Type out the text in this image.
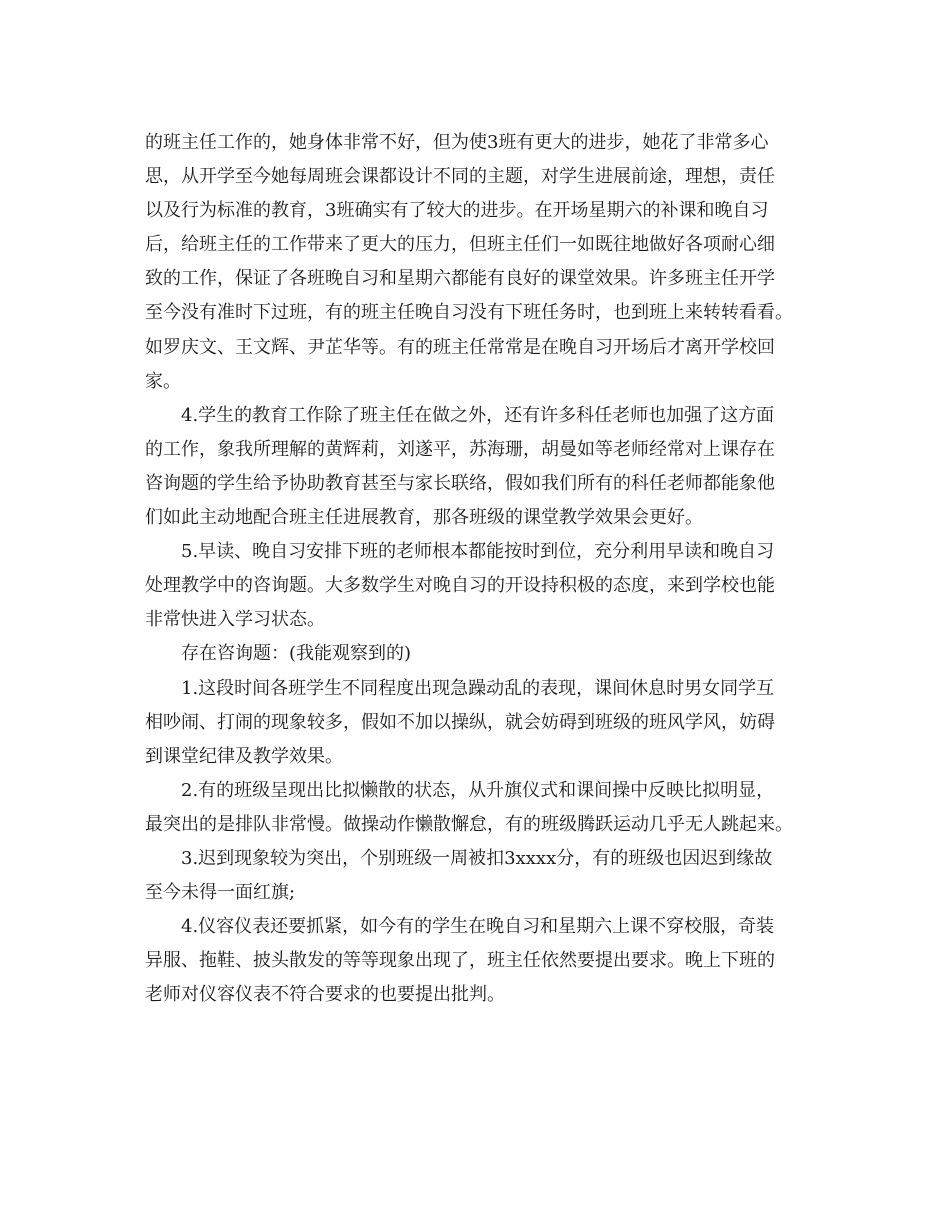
的班主任工作的，她身体非常不好，但为使3班有更大的进步，她花了非常多心
思，从开学至今她每周班会课都设计不同的主题，对学生进展前途，理想，责任
以及行为标准的教育，3班确实有了较大的进步。在开场星期六的补课和晚自习
后，给班主任的工作带来了更大的压力，但班主任们一如既往地做好各项耐心细
致的工作，保证了各班晚自习和星期六都能有良好的课堂效果。许多班主任开学
至今没有准时下过班，有的班主任晚自习没有下班任务时，也到班上来转转看看。
如罗庆文、王文辉、尹芷华等。有的班主任常常是在晚自习开场后才离开学校回
家。
4.学生的教育工作除了班主任在做之外，还有许多科任老师也加强了这方面
的工作，象我所理解的黄辉莉，刘遂平，苏海珊，胡曼如等老师经常对上课存在
咨询题的学生给予协助教育甚至与家长联络，假如我们所有的科任老师都能象他
们如此主动地配合班主任进展教育，那各班级的课堂教学效果会更好。
5.早读、晚自习安排下班的老师根本都能按时到位，充分利用早读和晚自习
处理教学中的咨询题。大多数学生对晚自习的开设持积极的态度，来到学校也能
非常快进入学习状态。
存在咨询题：(我能观察到的)
1.这段时间各班学生不同程度出现急躁动乱的表现，课间休息时男女同学互
相吵闹、打闹的现象较多，假如不加以操纵，就会妨碍到班级的班风学风，妨碍
到课堂纪律及教学效果。
2.有的班级呈现出比拟懒散的状态，从升旗仪式和课间操中反映比拟明显，
最突出的是排队非常慢。做操动作懒散懈怠，有的班级腾跃运动几乎无人跳起来。
3.迟到现象较为突出，个别班级一周被扣3xxxx分，有的班级也因迟到缘故
至今未得一面红旗;
4.仪容仪表还要抓紧，如今有的学生在晚自习和星期六上课不穿校服，奇装
异服、拖鞋、披头散发的等等现象出现了，班主任依然要提出要求。晚上下班的
老师对仪容仪表不符合要求的也要提出批判。
